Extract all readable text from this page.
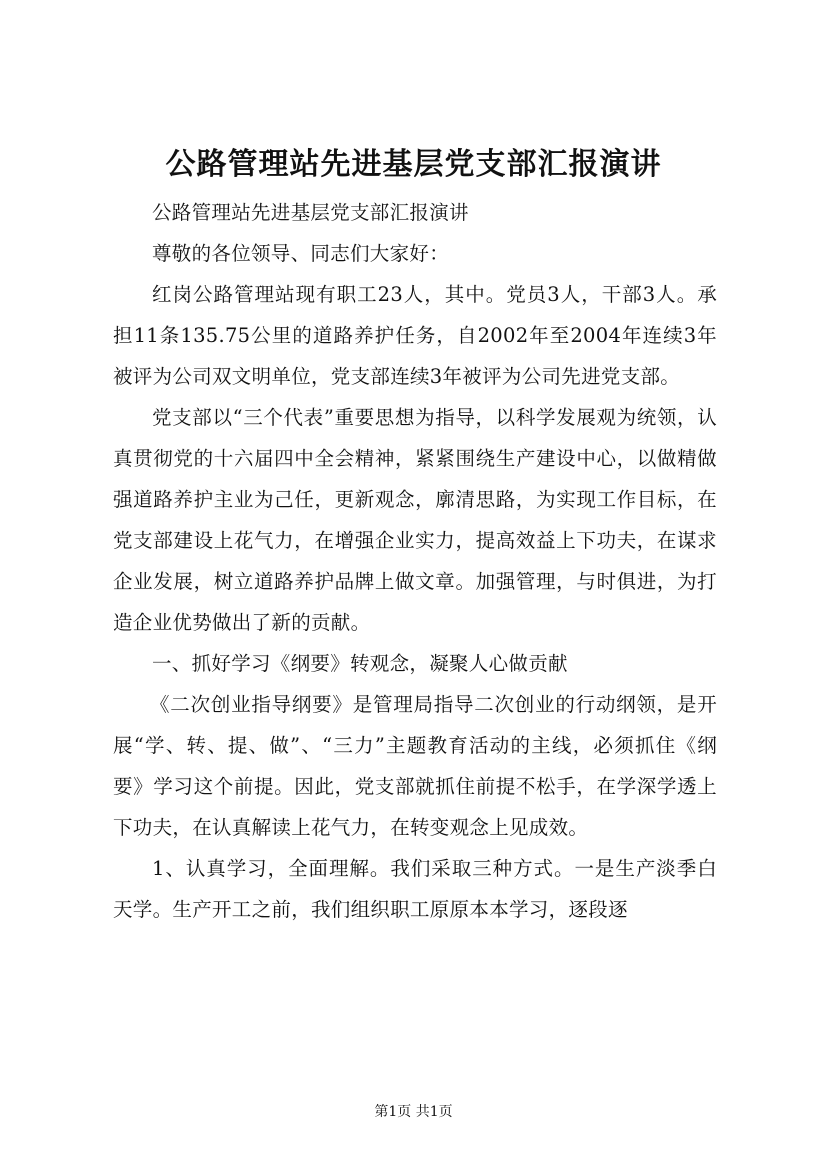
公路管理站先进基层党支部汇报演讲

公路管理站先进基层党支部汇报演讲

尊敬的各位领导、同志们大家好：

红岗公路管理站现有职工23人，其中。党员3人，干部3人。承担11条135.75公里的道路养护任务，自2002年至2004年连续3年被评为公司双文明单位，党支部连续3年被评为公司先进党支部。

党支部以“三个代表”重要思想为指导，以科学发展观为统领，认真贯彻党的十六届四中全会精神，紧紧围绕生产建设中心，以做精做强道路养护主业为己任，更新观念，廓清思路，为实现工作目标，在党支部建设上花气力，在增强企业实力，提高效益上下功夫，在谋求企业发展，树立道路养护品牌上做文章。加强管理，与时俱进，为打造企业优势做出了新的贡献。

一、抓好学习《纲要》转观念，凝聚人心做贡献

《二次创业指导纲要》是管理局指导二次创业的行动纲领，是开展“学、转、提、做”、“三力”主题教育活动的主线，必须抓住《纲要》学习这个前提。因此，党支部就抓住前提不松手，在学深学透上下功夫，在认真解读上花气力，在转变观念上见成效。

1、认真学习，全面理解。我们采取三种方式。一是生产淡季白天学。生产开工之前，我们组织职工原原本本学习，逐段逐

第1页 共1页
